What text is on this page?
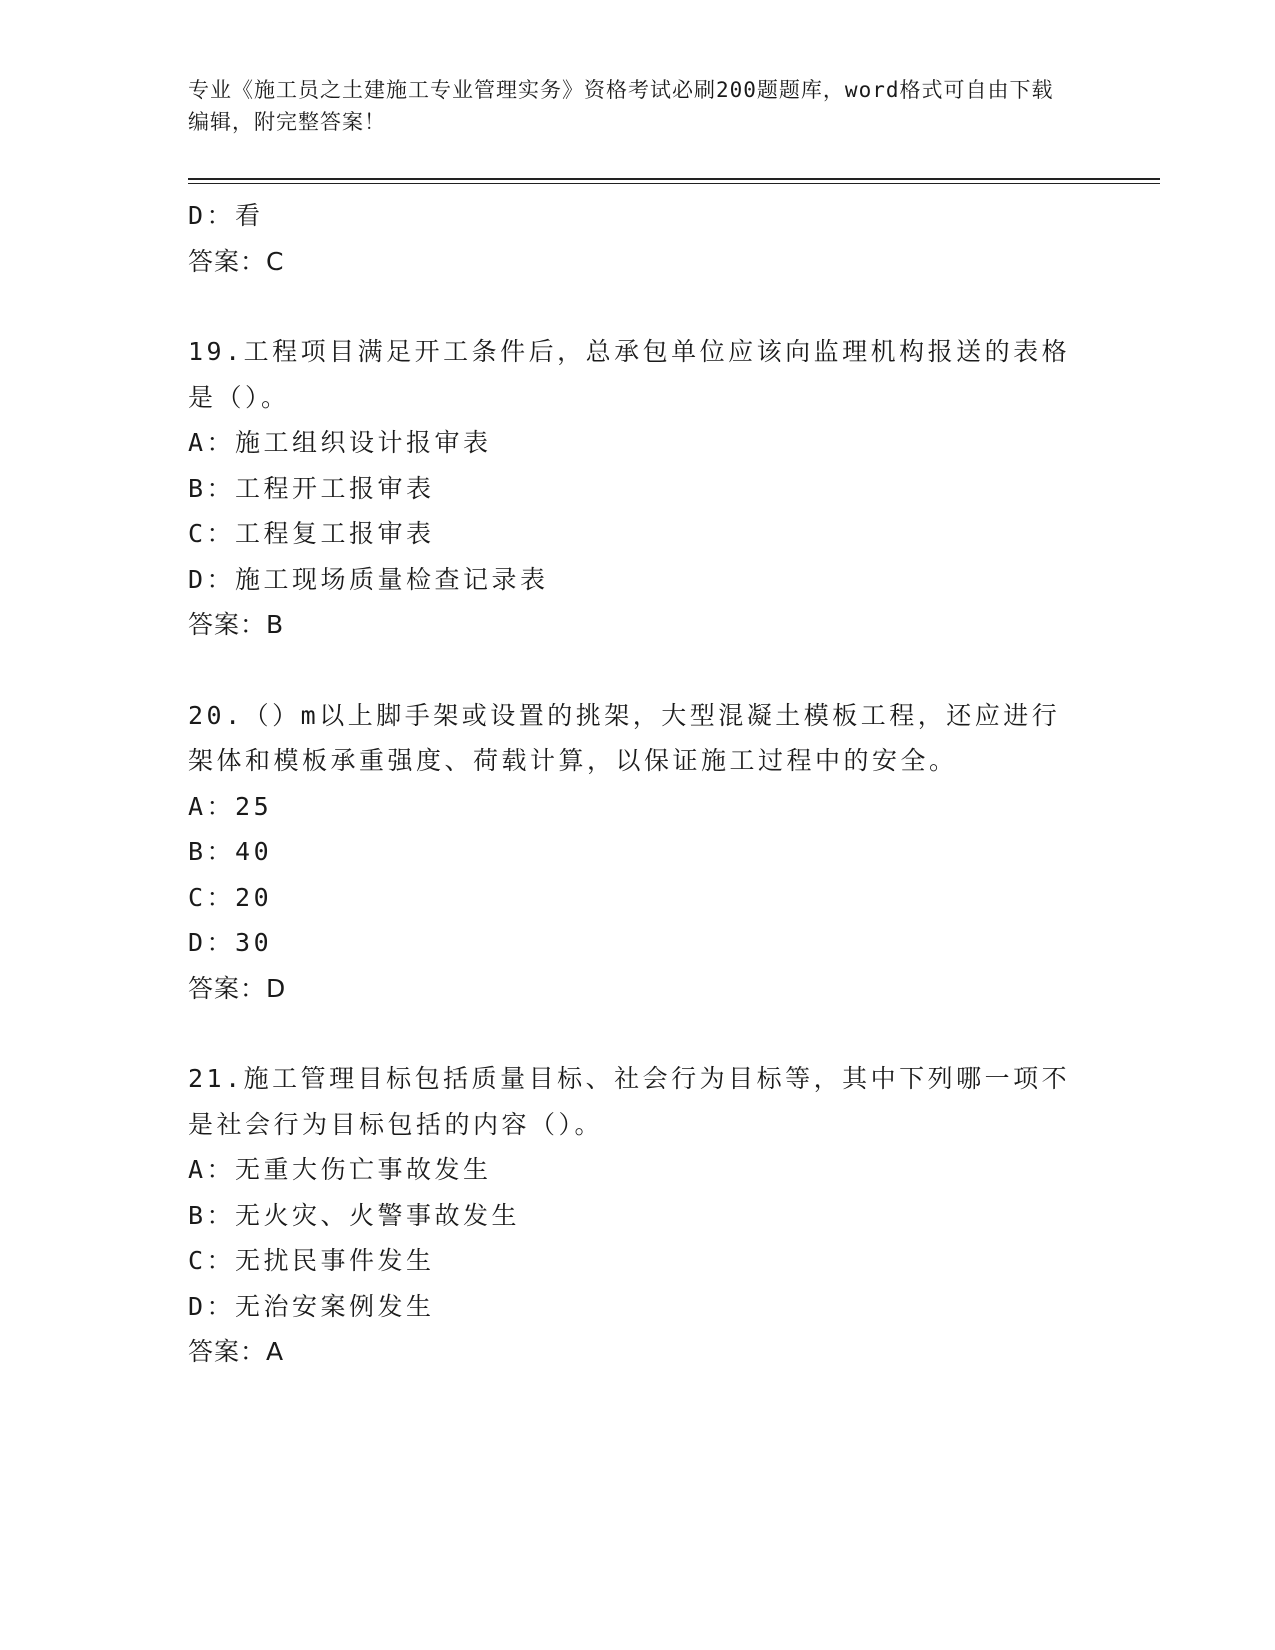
专业《施工员之土建施工专业管理实务》资格考试必刷200题题库，word格式可自由下载编辑，附完整答案！
D：看
答案：C
19.工程项目满足开工条件后，总承包单位应该向监理机构报送的表格
是（）。
A：施工组织设计报审表
B：工程开工报审表
C：工程复工报审表
D：施工现场质量检查记录表
答案：B
20.（）m以上脚手架或设置的挑架，大型混凝土模板工程，还应进行
架体和模板承重强度、荷载计算，以保证施工过程中的安全。
A：25
B：40
C：20
D：30
答案：D
21.施工管理目标包括质量目标、社会行为目标等，其中下列哪一项不
是社会行为目标包括的内容（）。
A：无重大伤亡事故发生
B：无火灾、火警事故发生
C：无扰民事件发生
D：无治安案例发生
答案：A
